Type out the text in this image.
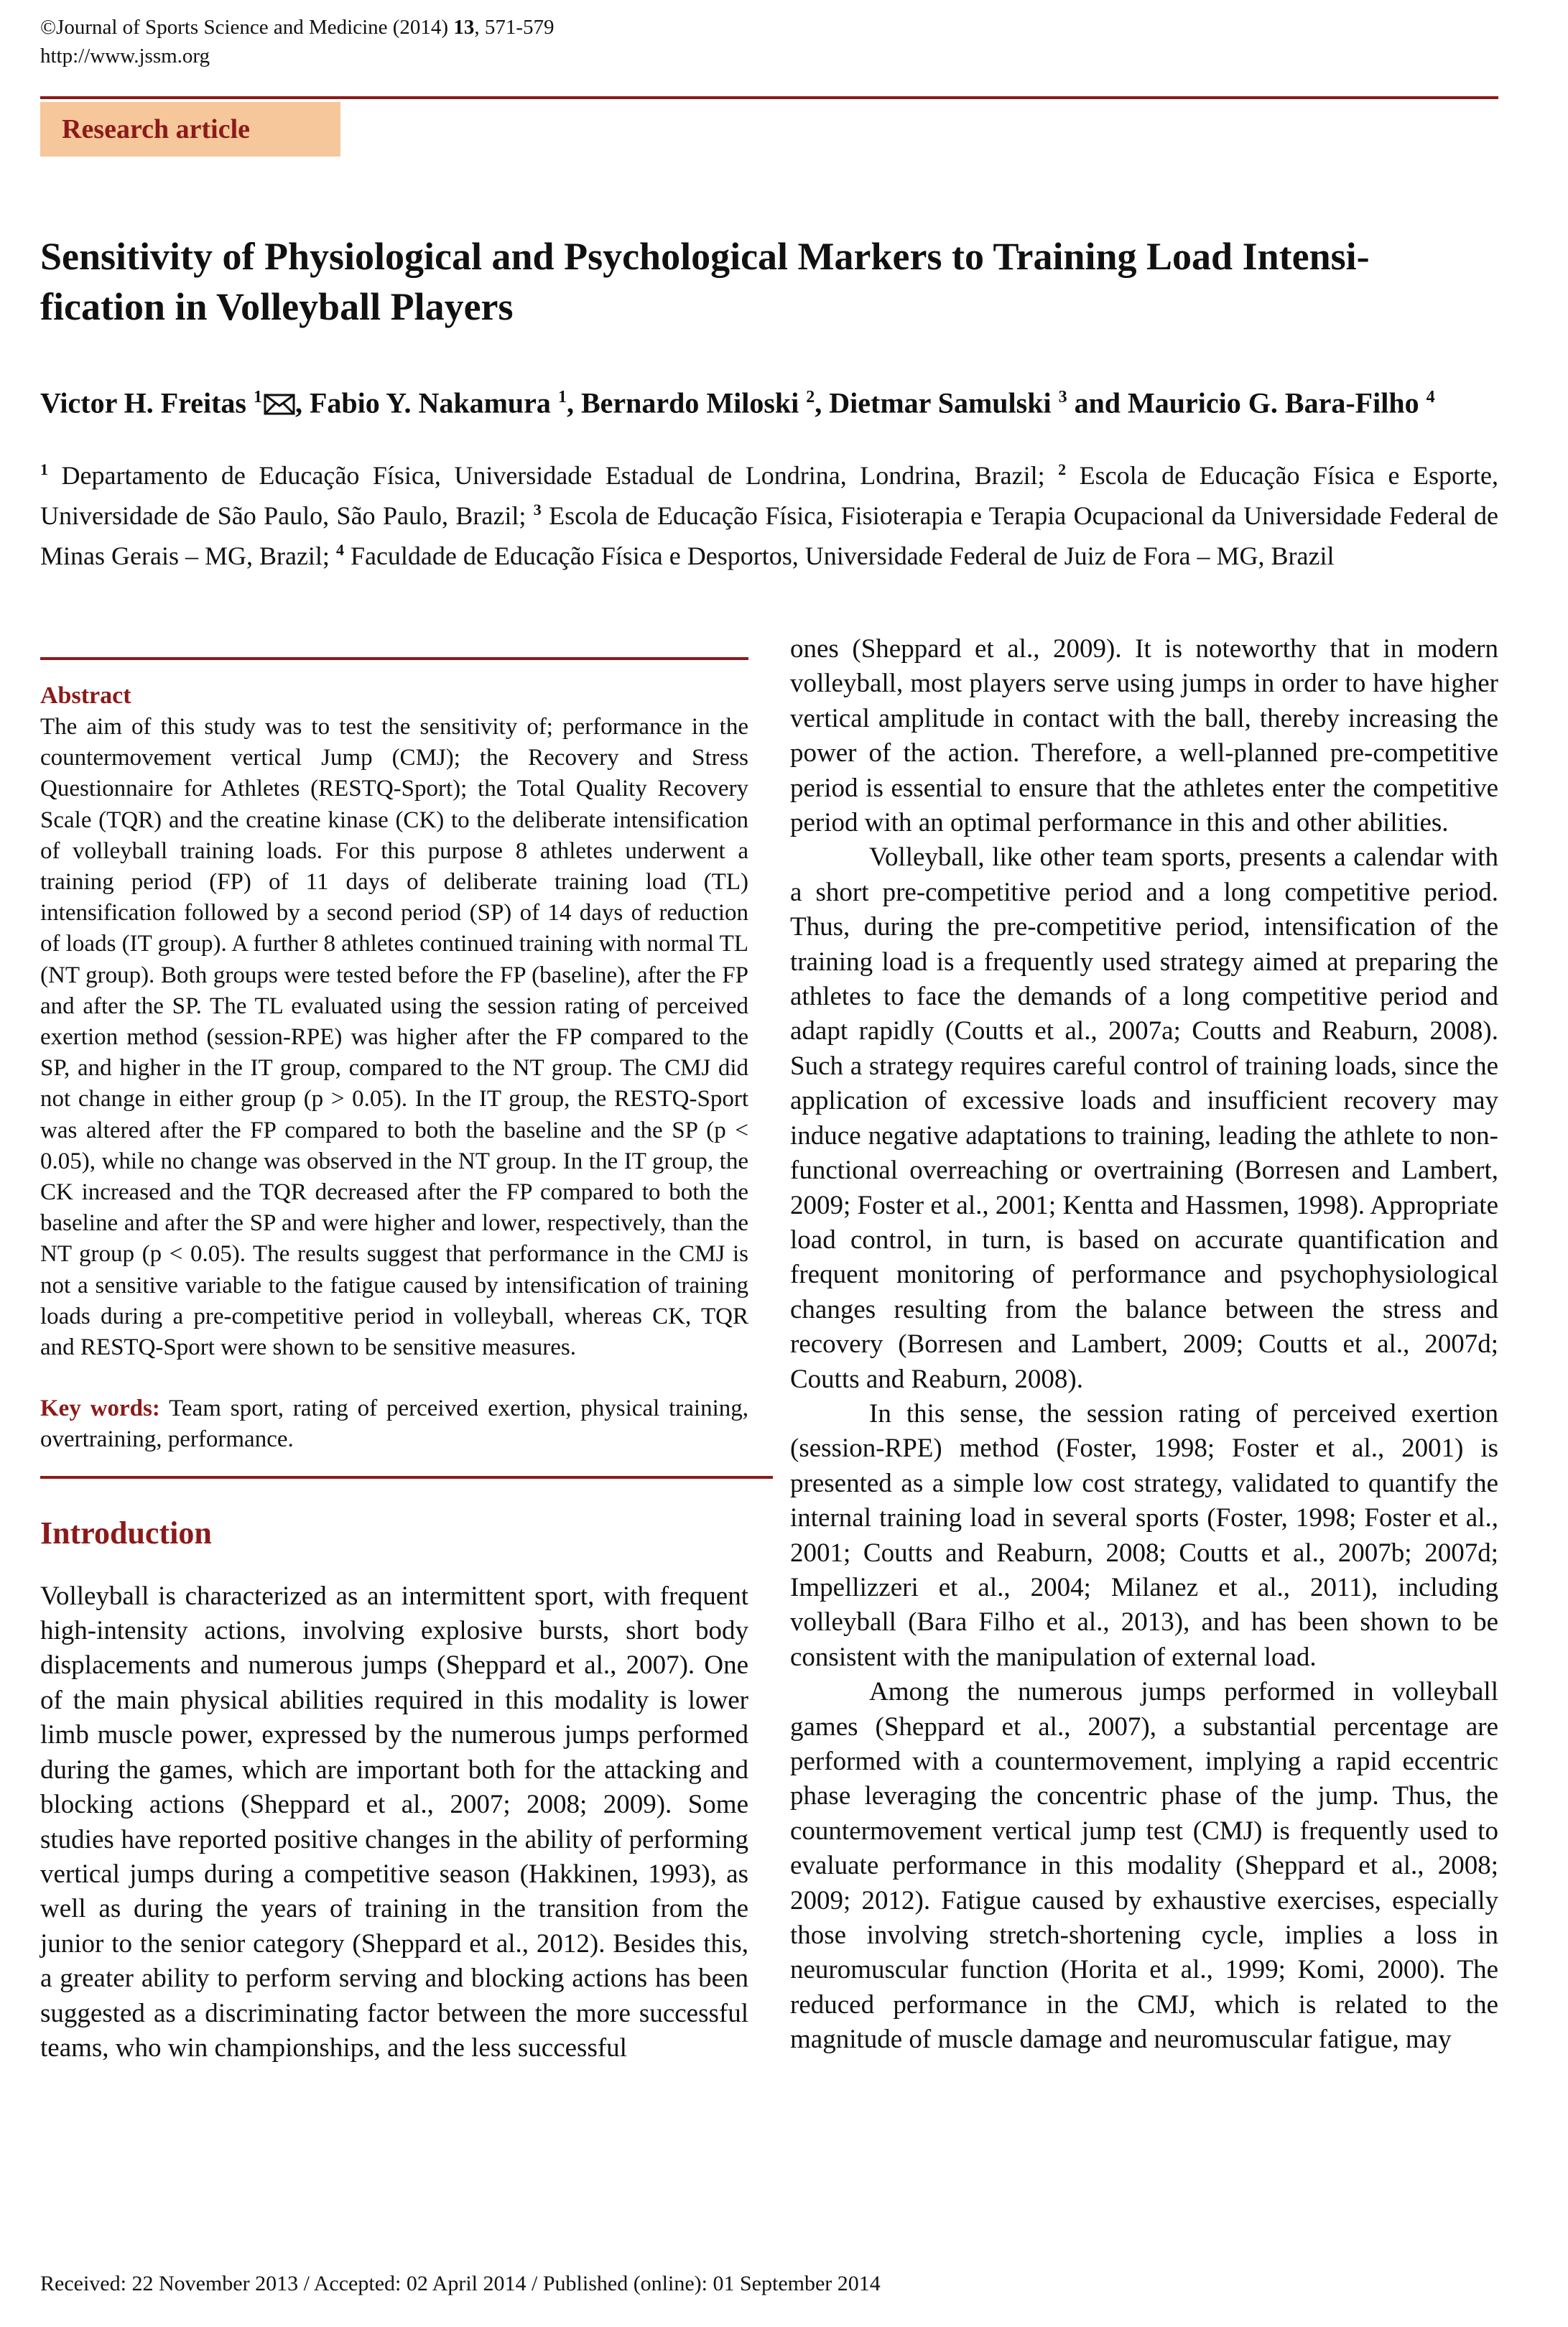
©Journal of Sports Science and Medicine (2014) 13, 571-579
http://www.jssm.org
Research article
Sensitivity of Physiological and Psychological Markers to Training Load Intensi-
fication in Volleyball Players
Victor H. Freitas $^1$ , Fabio Y. Nakamura $^1$, Bernardo Miloski $^2$, Dietmar Samulski $^3$ and Mauricio G. Bara-Filho $^4$
$^1$ Departamento de Educação Física, Universidade Estadual de Londrina, Londrina, Brazil; $^2$ Escola de Educação Física e Esporte, Universidade de São Paulo, São Paulo, Brazil; $^3$ Escola de Educação Física, Fisioterapia e Terapia Ocupacional da Universidade Federal de Minas Gerais – MG, Brazil; $^4$ Faculdade de Educação Física e Desportos, Universidade Federal de Juiz de Fora – MG, Brazil
Abstract

The aim of this study was to test the sensitivity of; performance in the countermovement vertical Jump (CMJ); the Recovery and Stress Questionnaire for Athletes (RESTQ-Sport); the Total Quality Recovery Scale (TQR) and the creatine kinase (CK) to the deliberate intensification of volleyball training loads. For this purpose 8 athletes underwent a training period (FP) of 11 days of deliberate training load (TL) intensification followed by a second period (SP) of 14 days of reduction of loads (IT group). A further 8 athletes continued training with normal TL (NT group). Both groups were tested before the FP (baseline), after the FP and after the SP. The TL evaluated using the session rating of perceived exertion method (session-RPE) was higher after the FP compared to the SP, and higher in the IT group, compared to the NT group. The CMJ did not change in either group (p > 0.05). In the IT group, the RESTQ-Sport was altered after the FP compared to both the baseline and the SP (p < 0.05), while no change was observed in the NT group. In the IT group, the CK increased and the TQR decreased after the FP compared to both the baseline and after the SP and were higher and lower, respectively, than the NT group (p < 0.05). The results suggest that performance in the CMJ is not a sensitive variable to the fatigue caused by intensification of training loads during a pre-competitive period in volleyball, whereas CK, TQR and RESTQ-Sport were shown to be sensitive measures.

Key words: Team sport, rating of perceived exertion, physical training, overtraining, performance.
Introduction

Volleyball is characterized as an intermittent sport, with frequent high-intensity actions, involving explosive bursts, short body displacements and numerous jumps (Sheppard et al., 2007). One of the main physical abilities required in this modality is lower limb muscle power, expressed by the numerous jumps performed during the games, which are important both for the attacking and blocking actions (Sheppard et al., 2007; 2008; 2009). Some studies have reported positive changes in the ability of performing vertical jumps during a competitive season (Hakkinen, 1993), as well as during the years of training in the transition from the junior to the senior category (Sheppard et al., 2012). Besides this, a greater ability to perform serving and blocking actions has been suggested as a discriminating factor between the more successful teams, who win championships, and the less successful

ones (Sheppard et al., 2009). It is noteworthy that in modern volleyball, most players serve using jumps in order to have higher vertical amplitude in contact with the ball, thereby increasing the power of the action. Therefore, a well-planned pre-competitive period is essential to ensure that the athletes enter the competitive period with an optimal performance in this and other abilities.

Volleyball, like other team sports, presents a calendar with a short pre-competitive period and a long competitive period. Thus, during the pre-competitive period, intensification of the training load is a frequently used strategy aimed at preparing the athletes to face the demands of a long competitive period and adapt rapidly (Coutts et al., 2007a; Coutts and Reaburn, 2008). Such a strategy requires careful control of training loads, since the application of excessive loads and insufficient recovery may induce negative adaptations to training, leading the athlete to non-functional overreaching or overtraining (Borresen and Lambert, 2009; Foster et al., 2001; Kentta and Hassmen, 1998). Appropriate load control, in turn, is based on accurate quantification and frequent monitoring of performance and psychophysiological changes resulting from the balance between the stress and recovery (Borresen and Lambert, 2009; Coutts et al., 2007d; Coutts and Reaburn, 2008).

In this sense, the session rating of perceived exertion (session-RPE) method (Foster, 1998; Foster et al., 2001) is presented as a simple low cost strategy, validated to quantify the internal training load in several sports (Foster, 1998; Foster et al., 2001; Coutts and Reaburn, 2008; Coutts et al., 2007b; 2007d; Impellizzeri et al., 2004; Milanez et al., 2011), including volleyball (Bara Filho et al., 2013), and has been shown to be consistent with the manipulation of external load.

Among the numerous jumps performed in volleyball games (Sheppard et al., 2007), a substantial percentage are performed with a countermovement, implying a rapid eccentric phase leveraging the concentric phase of the jump. Thus, the countermovement vertical jump test (CMJ) is frequently used to evaluate performance in this modality (Sheppard et al., 2008; 2009; 2012). Fatigue caused by exhaustive exercises, especially those involving stretch-shortening cycle, implies a loss in neuromuscular function (Horita et al., 1999; Komi, 2000). The reduced performance in the CMJ, which is related to the magnitude of muscle damage and neuromuscular fatigue, may

Received: 22 November 2013 / Accepted: 02 April 2014 / Published (online): 01 September 2014
